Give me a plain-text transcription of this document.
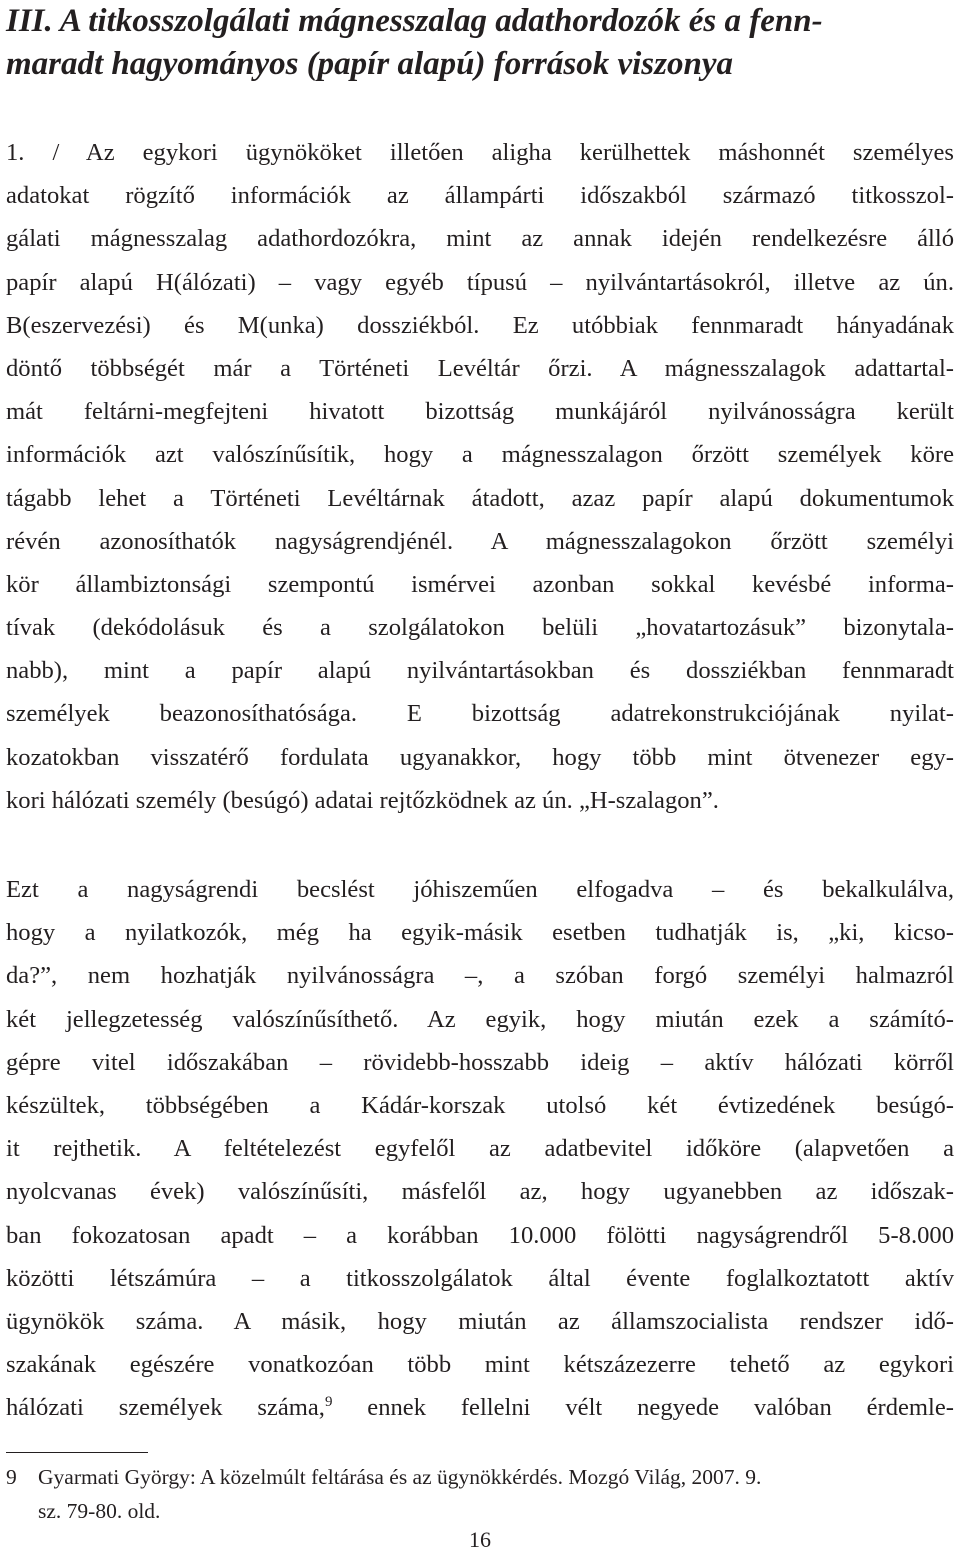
III. A titkosszolgálati mágnesszalag adathordozók és a fenn-
maradt hagyományos (papír alapú) források viszonya
1. / Az egykori ügynököket illetően aligha kerülhettek máshonnét személyes
adatokat rögzítő információk az állampárti időszakból származó titkosszol-
gálati mágnesszalag adathordozókra, mint az annak idején rendelkezésre álló
papír alapú H(álózati) – vagy egyéb típusú – nyilvántartásokról, illetve az ún.
B(eszervezési) és M(unka) dossziékból. Ez utóbbiak fennmaradt hányadának
döntő többségét már a Történeti Levéltár őrzi. A mágnesszalagok adattartal-
mát feltárni-megfejteni hivatott bizottság munkájáról nyilvánosságra került
információk azt valószínűsítik, hogy a mágnesszalagon őrzött személyek köre
tágabb lehet a Történeti Levéltárnak átadott, azaz papír alapú dokumentumok
révén azonosíthatók nagyságrendjénél. A mágnesszalagokon őrzött személyi
kör állambiztonsági szempontú ismérvei azonban sokkal kevésbé informa-
tívak (dekódolásuk és a szolgálatokon belüli „hovatartozásuk” bizonytala-
nabb), mint a papír alapú nyilvántartásokban és dossziékban fennmaradt
személyek beazonosíthatósága. E bizottság adatrekonstrukciójának nyilat-
kozatokban visszatérő fordulata ugyanakkor, hogy több mint ötvenezer egy-
kori hálózati személy (besúgó) adatai rejtőzködnek az ún. „H-szalagon”.
Ezt a nagyságrendi becslést jóhiszeműen elfogadva – és bekalkulálva,
hogy a nyilatkozók, még ha egyik-másik esetben tudhatják is, „ki, kicso-
da?”, nem hozhatják nyilvánosságra –, a szóban forgó személyi halmazról
két jellegzetesség valószínűsíthető. Az egyik, hogy miután ezek a számító-
gépre vitel időszakában – rövidebb-hosszabb ideig – aktív hálózati körről
készültek, többségében a Kádár-korszak utolsó két évtizedének besúgó-
it rejthetik. A feltételezést egyfelől az adatbevitel időköre (alapvetően a
nyolcvanas évek) valószínűsíti, másfelől az, hogy ugyanebben az időszak-
ban fokozatosan apadt – a korábban 10.000 fölötti nagyságrendről 5-8.000
közötti létszámúra – a titkosszolgálatok által évente foglalkoztatott aktív
ügynökök száma. A másik, hogy miután az államszocialista rendszer idő-
szakának egészére vonatkozóan több mint kétszázezerre tehető az egykori
hálózati személyek száma,$^9$ ennek fellelni vélt negyede valóban érdemle-
9 Gyarmati György: A közelmúlt feltárása és az ügynökkérdés. Mozgó Világ, 2007. 9.
sz. 79-80. old.
16
